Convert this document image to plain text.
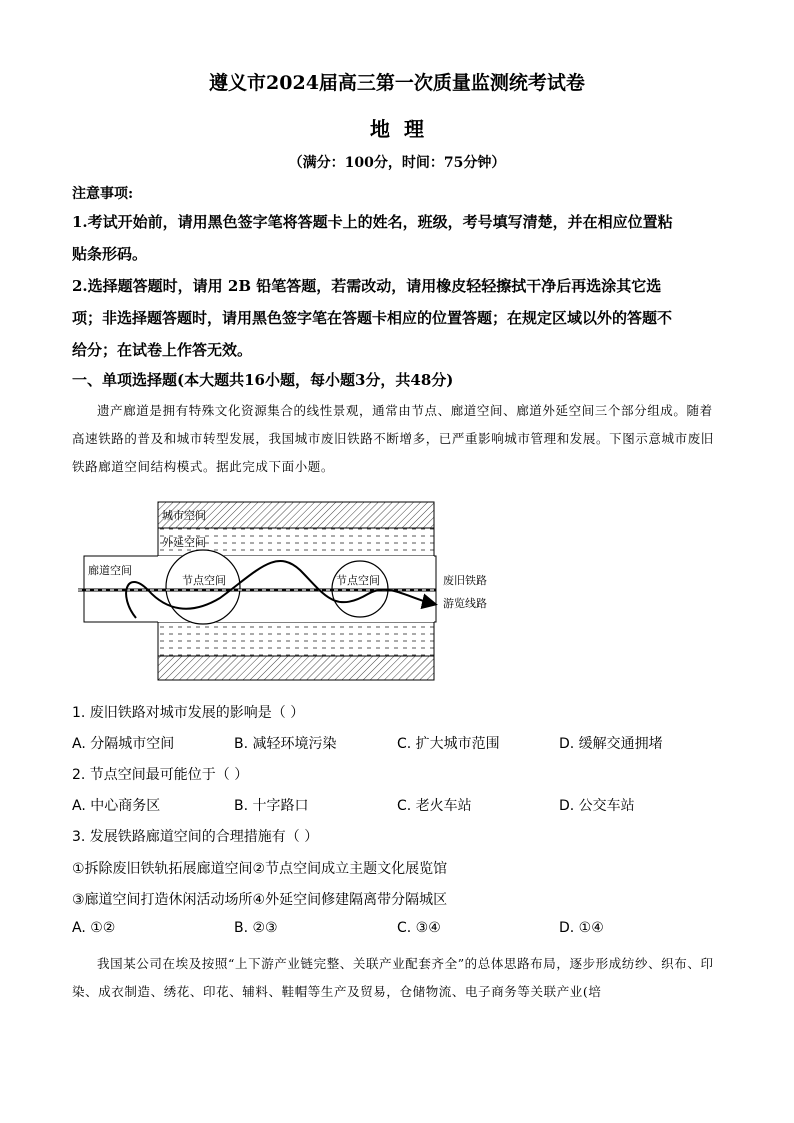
遵义市2024届高三第一次质量监测统考试卷
地理
（满分：100分，时间：75分钟）
注意事项:
1.考试开始前，请用黑色签字笔将答题卡上的姓名，班级，考号填写清楚，并在相应位置粘
贴条形码。
2.选择题答题时，请用 2B 铅笔答题，若需改动，请用橡皮轻轻擦拭干净后再选涂其它选
项；非选择题答题时，请用黑色签字笔在答题卡相应的位置答题；在规定区域以外的答题不
给分；在试卷上作答无效。
一、单项选择题(本大题共16小题，每小题3分，共48分)
遗产廊道是拥有特殊文化资源集合的线性景观，通常由节点、廊道空间、廊道外延空间三个部分组成。随着高速铁路的普及和城市转型发展，我国城市废旧铁路不断增多，已严重影响城市管理和发展。下图示意城市废旧铁路廊道空间结构模式。据此完成下面小题。
城市空间
外延空间
廊道空间
节点空间	节点空间	废旧铁路
游览线路
1. 废旧铁路对城市发展的影响是（ ）
A. 分隔城市空间	B. 减轻环境污染	C. 扩大城市范围	D. 缓解交通拥堵
2. 节点空间最可能位于（ ）
A. 中心商务区	B. 十字路口	C. 老火车站	D. 公交车站
3. 发展铁路廊道空间的合理措施有（ ）
①拆除废旧铁轨拓展廊道空间②节点空间成立主题文化展览馆
③廊道空间打造休闲活动场所④外延空间修建隔离带分隔城区
A. ①②	B. ②③	C. ③④	D. ①④
我国某公司在埃及按照“上下游产业链完整、关联产业配套齐全”的总体思路布局，逐步形成纺纱、织布、印染、成衣制造、绣花、印花、辅料、鞋帽等生产及贸易，仓储物流、电子商务等关联产业(培
